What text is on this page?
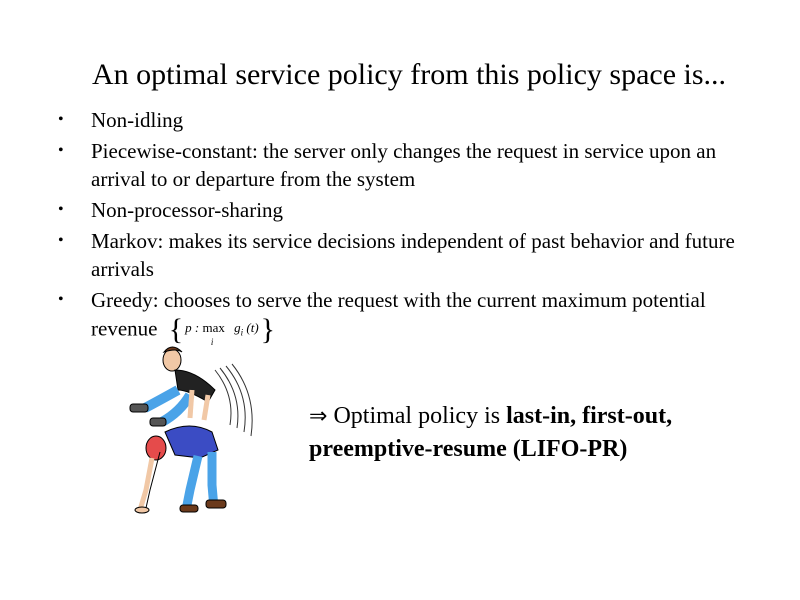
An optimal service policy from this policy space is...
• Non-idling
• Piecewise-constant: the server only changes the request in service upon an arrival to or departure from the system
• Non-processor-sharing
• Markov: makes its service decisions independent of past behavior and future arrivals
• Greedy: chooses to serve the request with the current maximum potential revenue { p : max
i
$g_i$ (t) }
⇒ Optimal policy is last-in, first-out,
preemptive-resume (LIFO-PR)
